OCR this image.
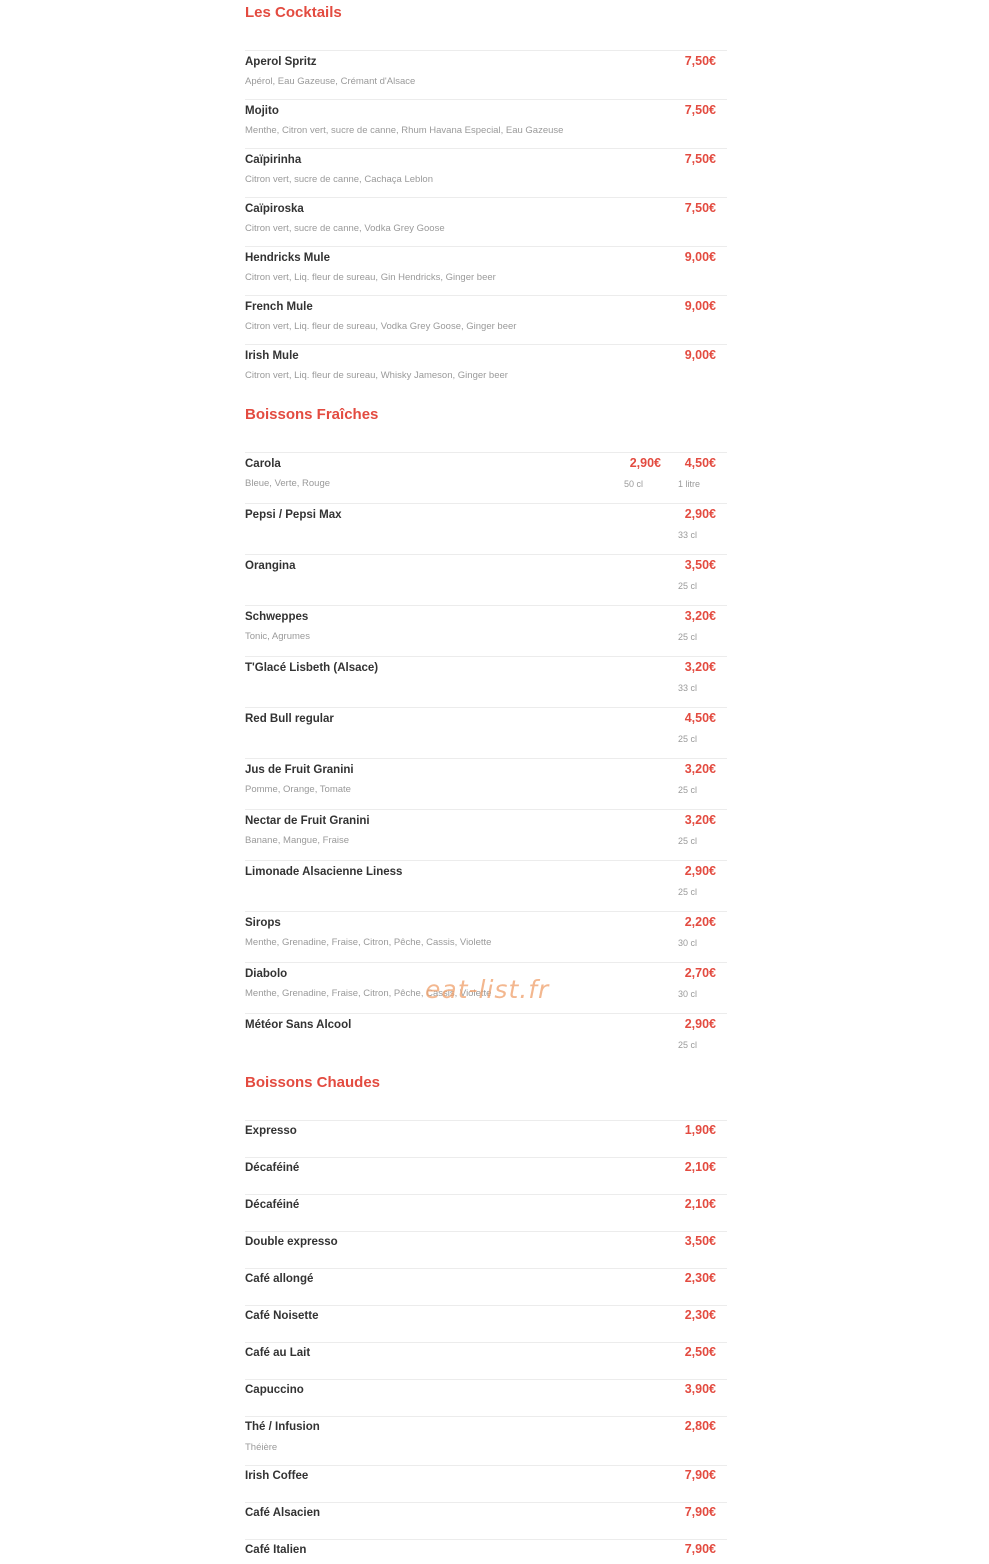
Les Cocktails
Aperol Spritz
Apérol, Eau Gazeuse, Crémant d'Alsace
7,50€
Mojito
Menthe, Citron vert, sucre de canne, Rhum Havana Especial, Eau Gazeuse
7,50€
Caïpirinha
Citron vert, sucre de canne, Cachaça Leblon
7,50€
Caïpiroska
Citron vert, sucre de canne, Vodka Grey Goose
7,50€
Hendricks Mule
Citron vert, Liq. fleur de sureau, Gin Hendricks, Ginger beer
9,00€
French Mule
Citron vert, Liq. fleur de sureau, Vodka Grey Goose, Ginger beer
9,00€
Irish Mule
Citron vert, Liq. fleur de sureau, Whisky Jameson, Ginger beer
9,00€
Boissons Fraîches
Carola
Bleue, Verte, Rouge
2,90€
50 cl
4,50€
1 litre
Pepsi / Pepsi Max	2,90€
33 cl
Orangina	3,50€
25 cl
Schweppes
Tonic, Agrumes
3,20€
25 cl
T'Glacé Lisbeth (Alsace)	3,20€
33 cl
Red Bull regular	4,50€
25 cl
Jus de Fruit Granini
Pomme, Orange, Tomate
3,20€
25 cl
Nectar de Fruit Granini
Banane, Mangue, Fraise
3,20€
25 cl
Limonade Alsacienne Liness	2,90€
25 cl
Sirops
Menthe, Grenadine, Fraise, Citron, Pêche, Cassis, Violette
2,20€
30 cl
Diabolo
Menthe, Grenadine, Fraise, Citron, Pêche, Cassis, Violette
2,70€
30 cl
Météor Sans Alcool	2,90€
25 cl
Boissons Chaudes
Expresso	1,90€
Décaféiné	2,10€
Décaféiné	2,10€
Double expresso	3,50€
Café allongé	2,30€
Café Noisette	2,30€
Café au Lait	2,50€
Capuccino	3,90€
Thé / Infusion
Théière
2,80€
Irish Coffee	7,90€
Café Alsacien	7,90€
Café Italien	7,90€
eat-list.fr
